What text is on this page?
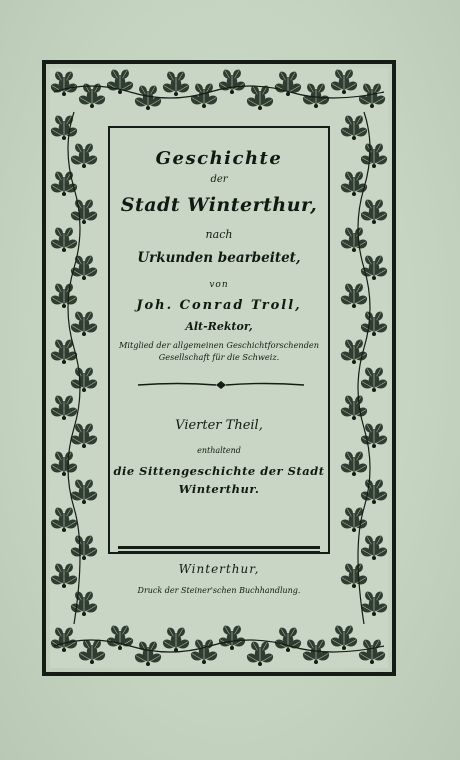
Geschichte
der
Stadt Winterthur,
nach
Urkunden bearbeitet,
von
Joh. Conrad Troll,
Alt-Rektor,
Mitglied der allgemeinen Geschichtforschenden
Gesellschaft für die Schweiz.
Vierter Theil,
enthaltend
die Sittengeschichte der Stadt
Winterthur.
Winterthur,
Druck der Steiner'schen Buchhandlung.
